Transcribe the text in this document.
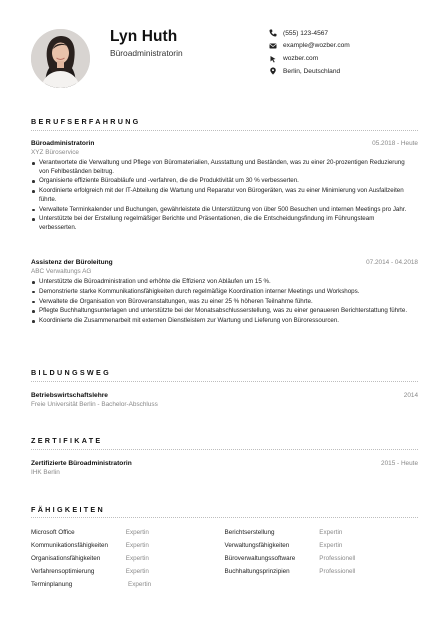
Lyn Huth
Büroadministratorin
(555) 123-4567
example@wozber.com
wozber.com
Berlin, Deutschland
BERUFSERFAHRUNG
Büroadministratorin	05.2018 - Heute
XYZ Büroservice
Verantwortete die Verwaltung und Pflege von Büromaterialien, Ausstattung und Beständen, was zu einer 20-prozentigen Reduzierung von Fehlbeständen beitrug.
Organisierte effiziente Büroabläufe und -verfahren, die die Produktivität um 30 % verbesserten.
Koordinierte erfolgreich mit der IT-Abteilung die Wartung und Reparatur von Bürogeräten, was zu einer Minimierung von Ausfallzeiten führte.
Verwaltete Terminkalender und Buchungen, gewährleistete die Unterstützung von über 500 Besuchen und internen Meetings pro Jahr.
Unterstützte bei der Erstellung regelmäßiger Berichte und Präsentationen, die die Entscheidungsfindung im Führungsteam verbesserten.
Assistenz der Büroleitung	07.2014 - 04.2018
ABC Verwaltungs AG
Unterstützte die Büroadministration und erhöhte die Effizienz von Abläufen um 15 %.
Demonstrierte starke Kommunikationsfähigkeiten durch regelmäßige Koordination interner Meetings und Workshops.
Verwaltete die Organisation von Büroveranstaltungen, was zu einer 25 % höheren Teilnahme führte.
Pflegte Buchhaltungsunterlagen und unterstützte bei der Monatsabschlusserstellung, was zu einer genaueren Berichterstattung führte.
Koordinierte die Zusammenarbeit mit externen Dienstleistern zur Wartung und Lieferung von Büroressourcen.
BILDUNGSWEG
Betriebswirtschaftslehre	2014
Freie Universität Berlin - Bachelor-Abschluss
ZERTIFIKATE
Zertifizierte Büroadministratorin	2015 - Heute
IHK Berlin
FÄHIGKEITEN
Microsoft Office	Expertin	Berichtserstellung	Expertin
Kommunikationsfähigkeiten	Expertin	Verwaltungsfähigkeiten	Expertin
Organisationsfähigkeiten	Expertin	Büroverwaltungssoftware	Professionell
Verfahrensoptimierung	Expertin	Buchhaltungsprinzipien	Professionell
Terminplanung	Expertin
